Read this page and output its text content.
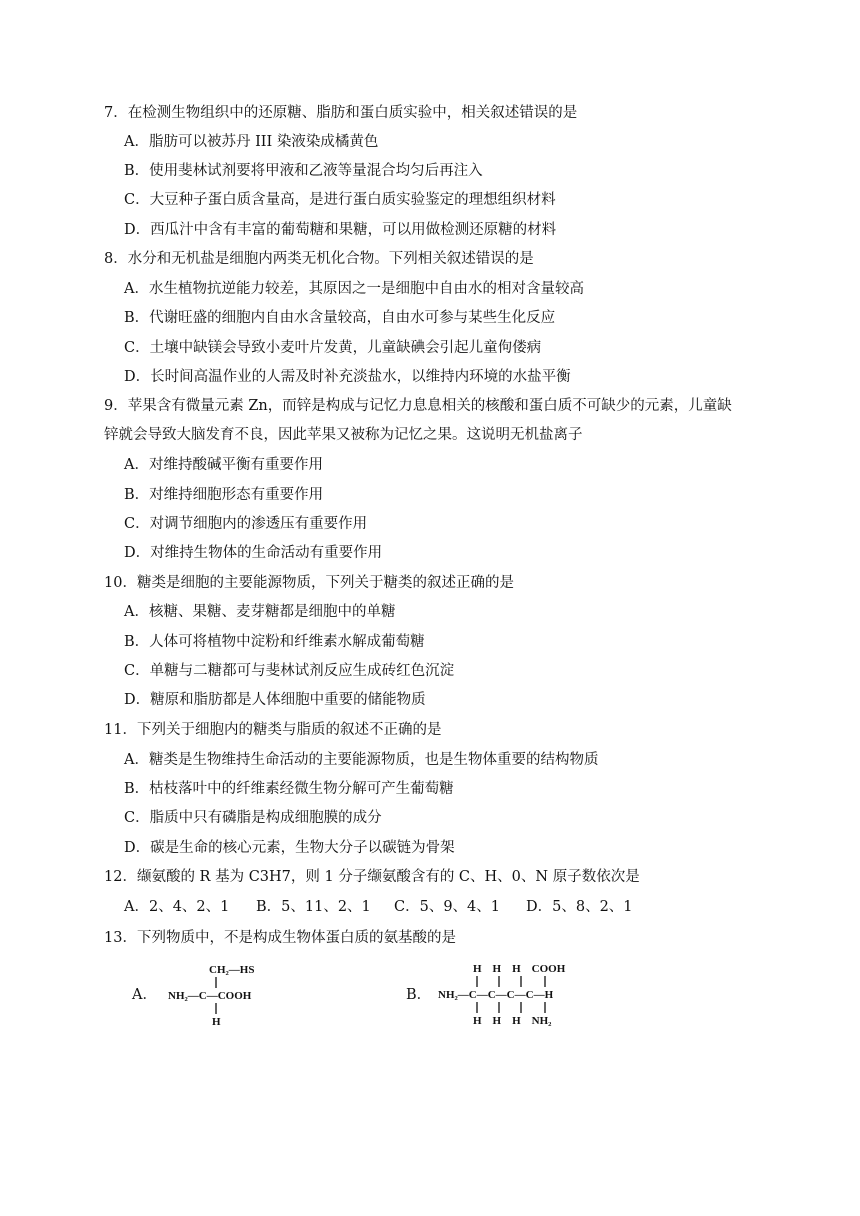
7．在检测生物组织中的还原糖、脂肪和蛋白质实验中，相关叙述错误的是
A．脂肪可以被苏丹 III 染液染成橘黄色
B．使用斐林试剂要将甲液和乙液等量混合均匀后再注入
C．大豆种子蛋白质含量高，是进行蛋白质实验鉴定的理想组织材料
D．西瓜汁中含有丰富的葡萄糖和果糖，可以用做检测还原糖的材料
8．水分和无机盐是细胞内两类无机化合物。下列相关叙述错误的是
A．水生植物抗逆能力较差，其原因之一是细胞中自由水的相对含量较高
B．代谢旺盛的细胞内自由水含量较高，自由水可参与某些生化反应
C．土壤中缺镁会导致小麦叶片发黄，儿童缺碘会引起儿童佝偻病
D．长时间高温作业的人需及时补充淡盐水，以维持内环境的水盐平衡
9．苹果含有微量元素 Zn，而锌是构成与记忆力息息相关的核酸和蛋白质不可缺少的元素，儿童缺
锌就会导致大脑发育不良，因此苹果又被称为记忆之果。这说明无机盐离子
A．对维持酸碱平衡有重要作用
B．对维持细胞形态有重要作用
C．对调节细胞内的渗透压有重要作用
D．对维持生物体的生命活动有重要作用
10．糖类是细胞的主要能源物质，下列关于糖类的叙述正确的是
A．核糖、果糖、麦芽糖都是细胞中的单糖
B．人体可将植物中淀粉和纤维素水解成葡萄糖
C．单糖与二糖都可与斐林试剂反应生成砖红色沉淀
D．糖原和脂肪都是人体细胞中重要的储能物质
11．下列关于细胞内的糖类与脂质的叙述不正确的是
A．糖类是生物维持生命活动的主要能源物质，也是生物体重要的结构物质
B．枯枝落叶中的纤维素经微生物分解可产生葡萄糖
C．脂质中只有磷脂是构成细胞膜的成分
D．碳是生命的核心元素，生物大分子以碳链为骨架
12．缬氨酸的 R 基为 C3H7，则 1 分子缬氨酸含有的 C、H、0、N 原子数依次是
A．2、4、2、1 B．5、11、2、1 C．5、9、4、1 D．5、8、2、1
13．下列物质中，不是构成生物体蛋白质的氨基酸的是
A．
CH₂—HS
NH₂—C—COOH
H
B．
H    H    H    COOH
NH₂—C—C—C—C—H
H    H    H    NH₂
